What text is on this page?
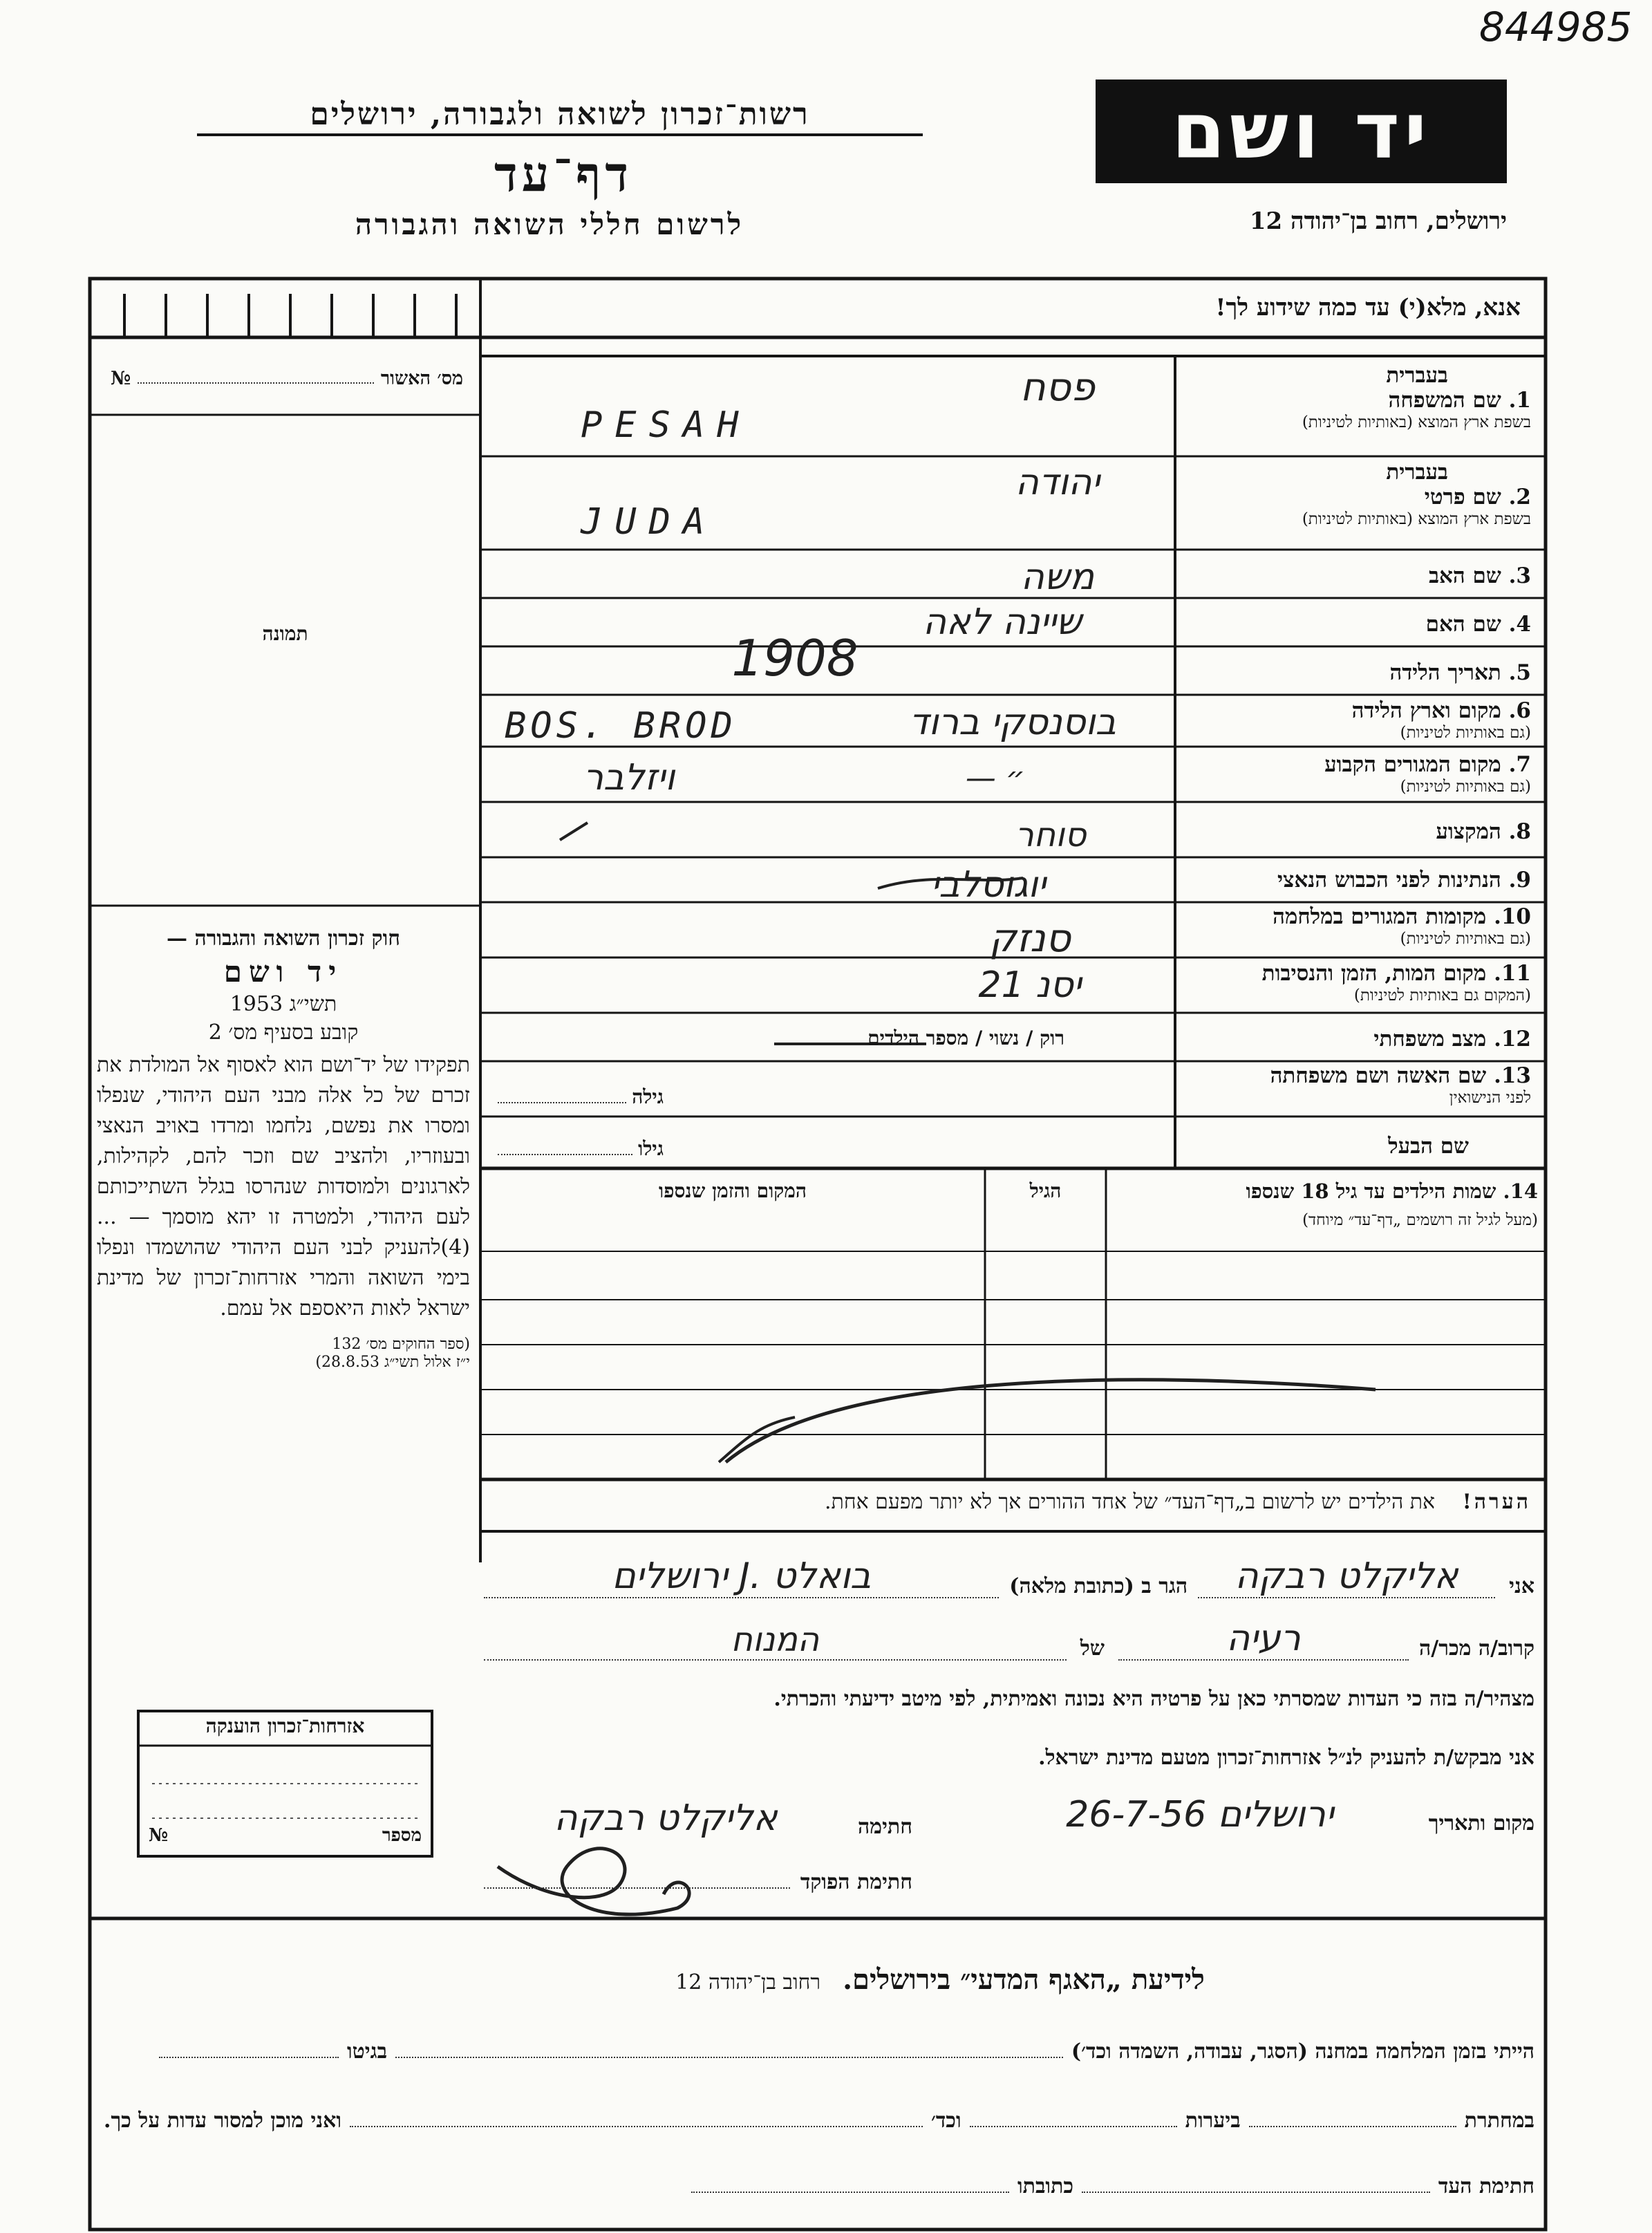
844985
יד ושם
רשות־זכרון לשואה ולגבורה, ירושלים
דף־עד
לרשום חללי השואה והגבורה	ירושלים, רחוב בן־יהודה 12
אנא, מלא(י) עד כמה שידוע לך!
מס׳ האשור
№
תמונה
חוק זכרון השואה והגבורה —
יד ושם
תשי״ג 1953
קובע בסעיף מס׳ 2
תפקידו של יד־ושם הוא לאסוף אל המולדת את זכרם של כל אלה מבני העם היהודי, שנפלו ומסרו את נפשם, נלחמו ומרדו באויב הנאצי ובעוזריו, ולהציב שם וזכר להם, לקהילות, לארגונים ולמוסדות שנהרסו בגלל השתייכותם לעם היהודי, ולמטרה זו יהא מוסמך — ...(4)להעניק לבני העם היהודי שהושמדו ונפלו בימי השואה והמרי אזרחות־זכרון של מדינת ישראל לאות היאספם אל עמם.
(ספר החוקים מס׳ 132
י״ז אלול תשי״ג 28.8.53)
אזרחות־זכרון הוענקה
מספר
№
בעברית
1. שם המשפחה
בשפת ארץ המוצא (באותיות לטיניות)
בעברית
2. שם פרטי
בשפת ארץ המוצא (באותיות לטיניות)
3. שם האב
4. שם האם
5. תאריך הלידה
6. מקום וארץ הלידה
(גם באותיות לטיניות)
7. מקום המגורים הקבוע
(גם באותיות לטיניות)
8. המקצוע
9. הנתינות לפני הכבוש הנאצי
10. מקומות המגורים במלחמה
(גם באותיות לטיניות)
11. מקום המות, הזמן והנסיבות
(המקום גם באותיות לטיניות)
12. מצב משפחתי
13. שם האשה ושם משפחתה
לפני הנישואין
שם הבעל
פסח
PESAH
יהודה
JUDA
משה
שיינה לאה
1908
בוסנסקי ברוד
BOS. BROD
ויזלבר	״ —
סוחר
יוגוסלבי
סנזק
יסנ 21
רוק / נשוי / מספר הילדים
גילה
גילו
14. שמות הילדים עד גיל 18 שנספו
(מעל לגיל זה רושמים „דף־עד״ מיוחד)
הגיל
המקום והזמן שנספו
הערה! את הילדים יש לרשום ב„דף־העד״ של אחד ההורים אך לא יותר מפעם אחת.
אני
אליקלט רבקה
הגר ב (כתובת מלאה)
בואלט .J ירושלים
קרוב/ה מכר/ה
רעיה
של
המנוח
מצהיר/ה בזה כי העדות שמסרתי כאן על פרטיה היא נכונה ואמיתית, לפי מיטב ידיעתי והכרתי.
אני מבקש/ת להעניק לנ״ל אזרחות־זכרון מטעם מדינת ישראל.
מקום ותאריך
ירושלים 26-7-56
חתימה
אליקלט רבקה
חתימת הפוקד
לידיעת „האגף המדעי״ בירושלים. רחוב בן־יהודה 12
הייתי בזמן המלחמה במחנה (הסגר, עבודה, השמדה וכד׳)
בגיטו
במחתרת
ביערות
וכד׳
ואני מוכן למסור עדות על כך.
חתימת העד
כתובתו
